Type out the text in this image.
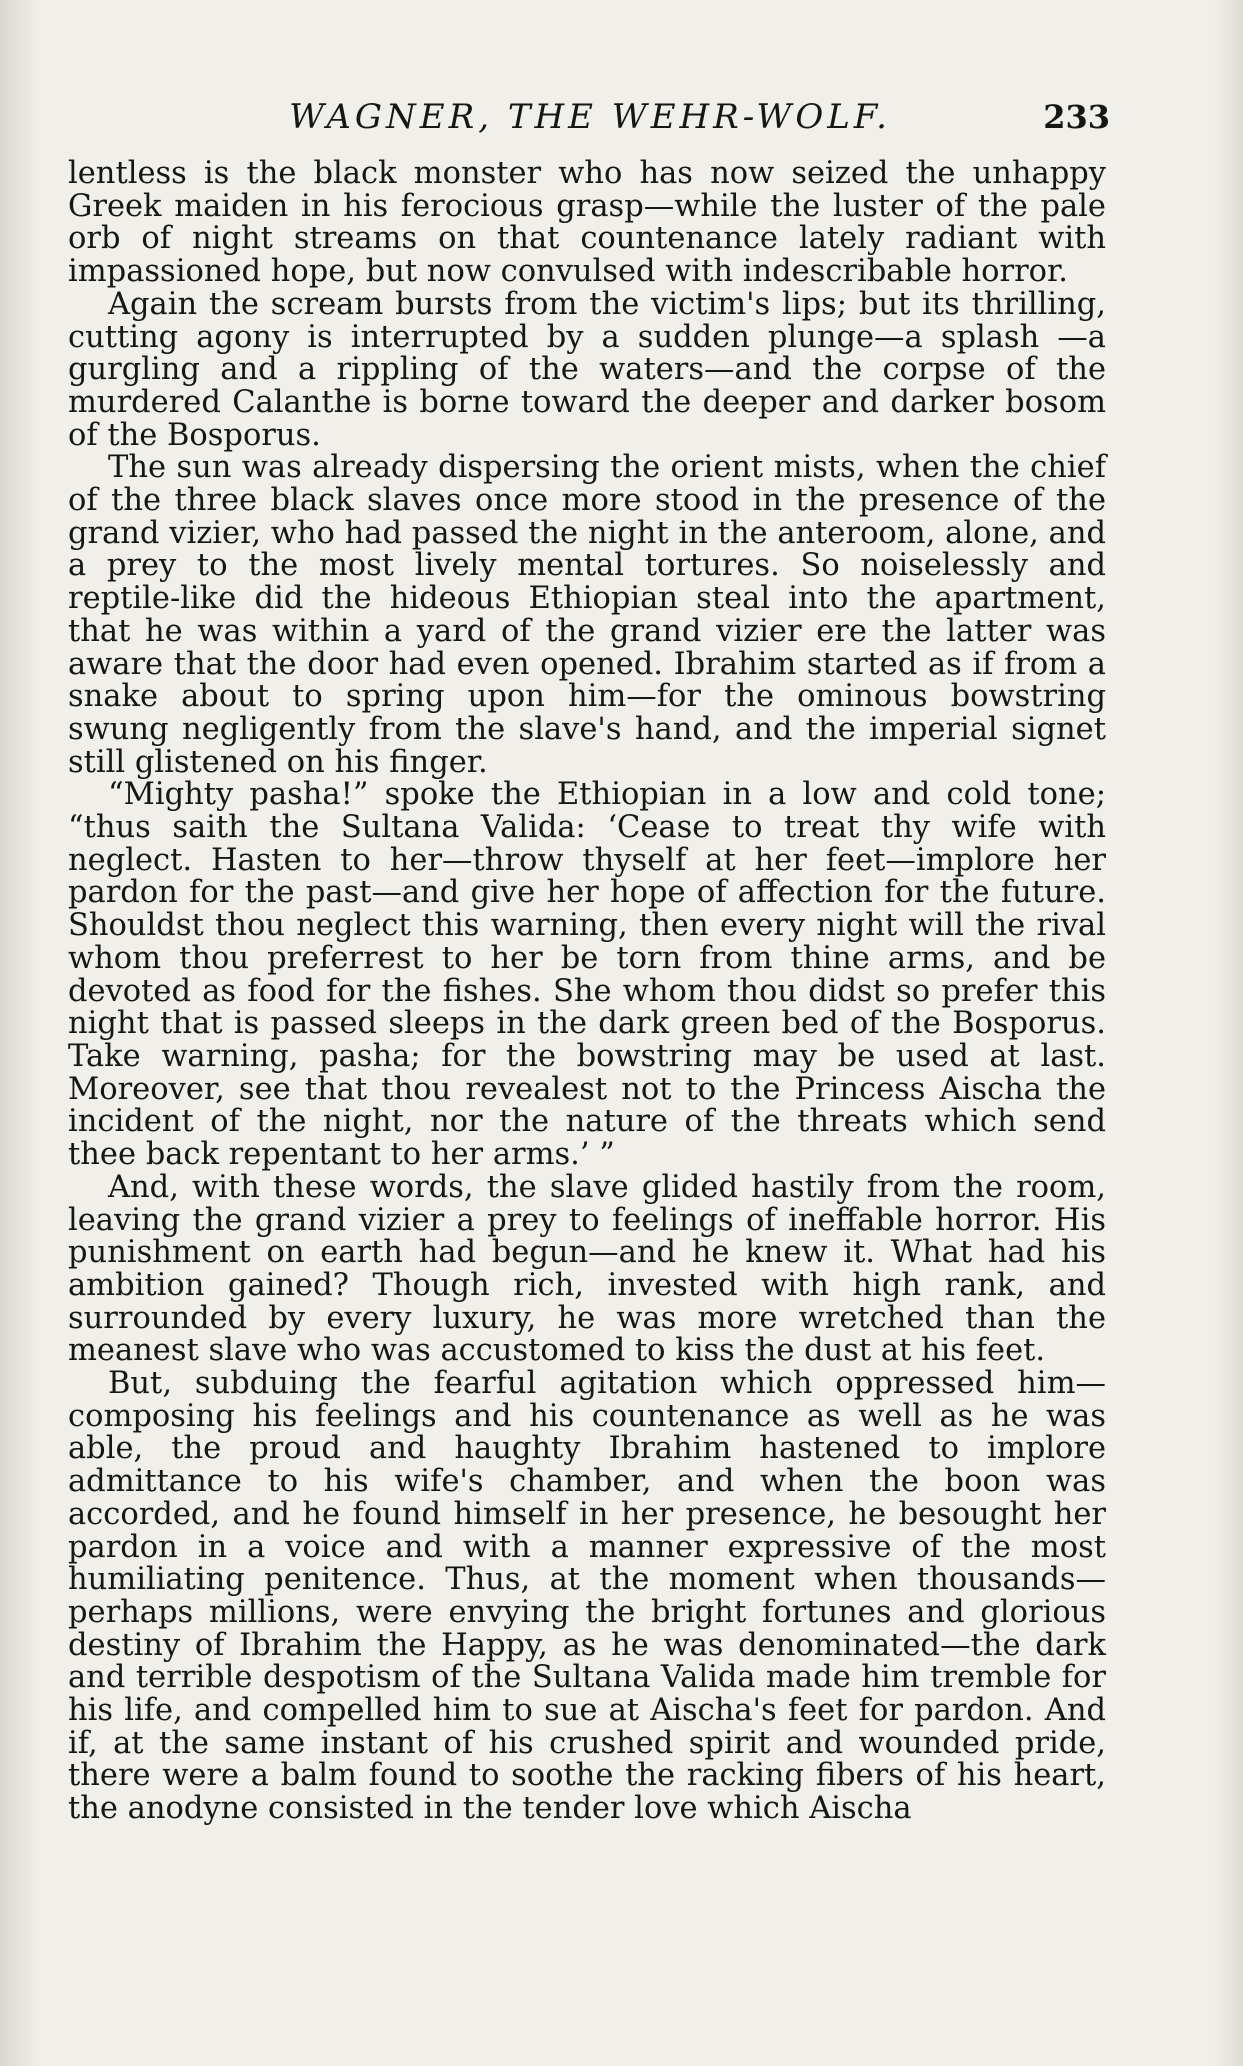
WAGNER, THE WEHR-WOLF.	233

lentless is the black monster who has now seized the unhappy Greek maiden in his ferocious grasp—while the luster of the pale orb of night streams on that countenance lately radiant with impassioned hope, but now convulsed with indescribable horror.

Again the scream bursts from the victim's lips; but its thrilling, cutting agony is interrupted by a sudden plunge—a splash —a gurgling and a rippling of the waters—and the corpse of the murdered Calanthe is borne toward the deeper and darker bosom of the Bosporus.

The sun was already dispersing the orient mists, when the chief of the three black slaves once more stood in the presence of the grand vizier, who had passed the night in the anteroom, alone, and a prey to the most lively mental tortures. So noiselessly and reptile-like did the hideous Ethiopian steal into the apartment, that he was within a yard of the grand vizier ere the latter was aware that the door had even opened. Ibrahim started as if from a snake about to spring upon him—for the ominous bowstring swung negligently from the slave's hand, and the imperial signet still glistened on his finger.

“Mighty pasha!” spoke the Ethiopian in a low and cold tone; “thus saith the Sultana Valida: ‘Cease to treat thy wife with neglect. Hasten to her—throw thyself at her feet—implore her pardon for the past—and give her hope of affection for the future. Shouldst thou neglect this warning, then every night will the rival whom thou preferrest to her be torn from thine arms, and be devoted as food for the fishes. She whom thou didst so prefer this night that is passed sleeps in the dark green bed of the Bosporus. Take warning, pasha; for the bowstring may be used at last. Moreover, see that thou revealest not to the Princess Aischa the incident of the night, nor the nature of the threats which send thee back repentant to her arms.’ ”

And, with these words, the slave glided hastily from the room, leaving the grand vizier a prey to feelings of ineffable horror. His punishment on earth had begun—and he knew it. What had his ambition gained? Though rich, invested with high rank, and surrounded by every luxury, he was more wretched than the meanest slave who was accustomed to kiss the dust at his feet.

But, subduing the fearful agitation which oppressed him—composing his feelings and his countenance as well as he was able, the proud and haughty Ibrahim hastened to implore admittance to his wife's chamber, and when the boon was accorded, and he found himself in her presence, he besought her pardon in a voice and with a manner expressive of the most humiliating penitence. Thus, at the moment when thousands—perhaps millions, were envying the bright fortunes and glorious destiny of Ibrahim the Happy, as he was denominated—the dark and terrible despotism of the Sultana Valida made him tremble for his life, and compelled him to sue at Aischa's feet for pardon. And if, at the same instant of his crushed spirit and wounded pride, there were a balm found to soothe the racking fibers of his heart, the anodyne consisted in the tender love which Aischa
